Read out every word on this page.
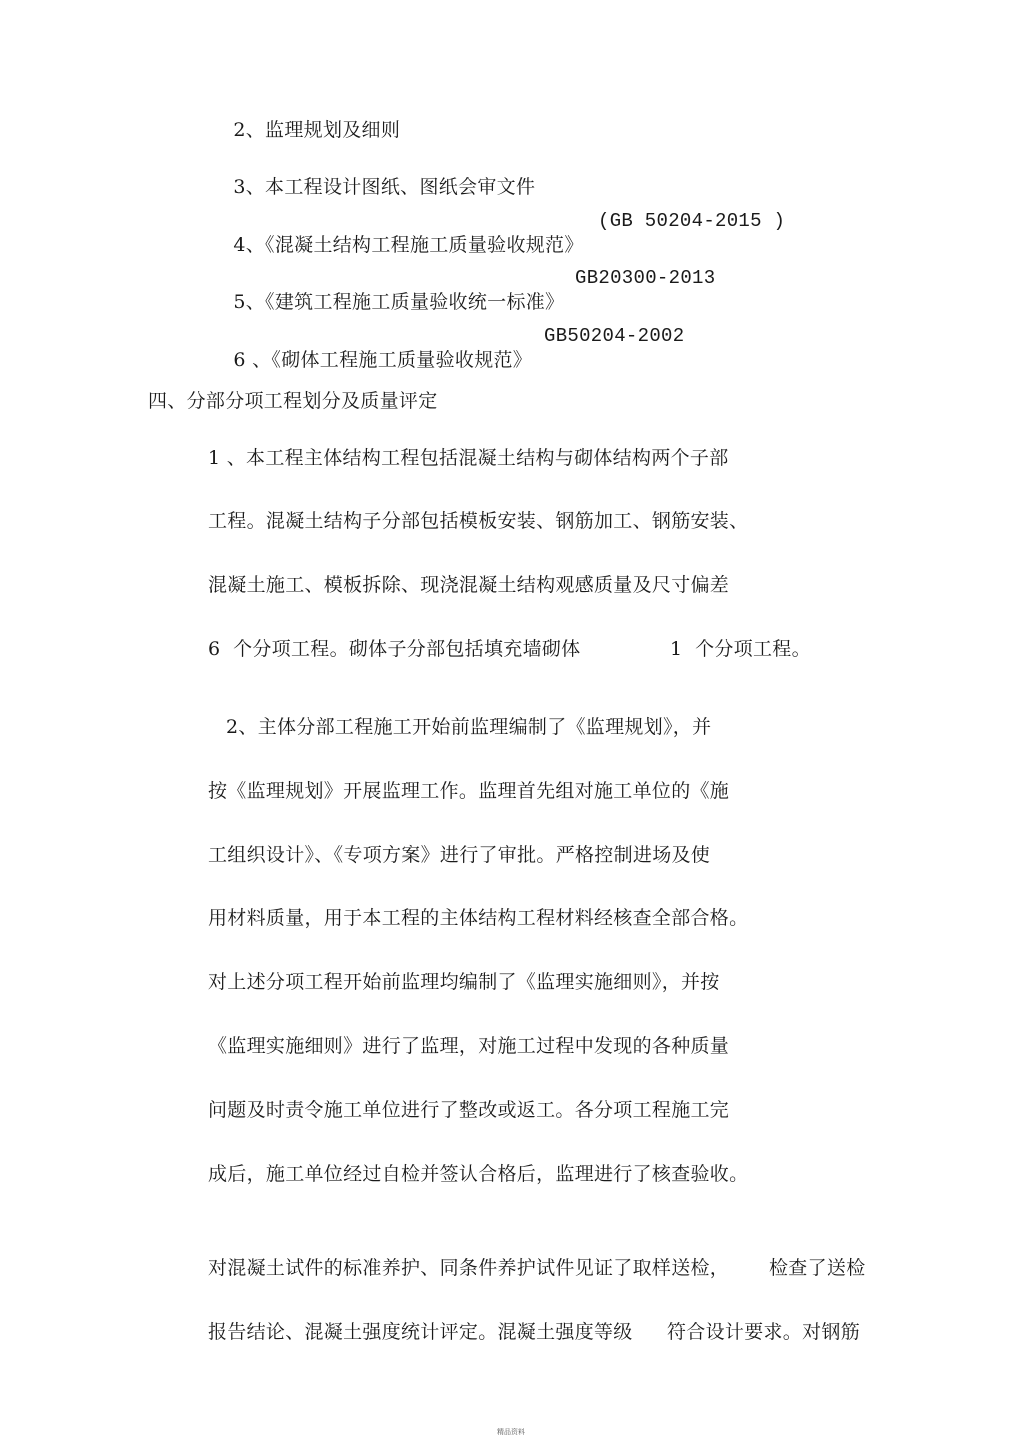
2、监理规划及细则

3、本工程设计图纸、图纸会审文件

4、《混凝土结构工程施工质量验收规范》

(GB 50204-2015 )

5、《建筑工程施工质量验收统一标准》

GB20300-2013

6 、《砌体工程施工质量验收规范》

GB50204-2002
四、分部分项工程划分及质量评定
1 、本工程主体结构工程包括混凝土结构与砌体结构两个子部
工程。混凝土结构子分部包括模板安装、钢筋加工、钢筋安装、
混凝土施工、模板拆除、现浇混凝土结构观感质量及尺寸偏差
6  个分项工程。砌体子分部包括填充墙砌体	1  个分项工程。
2、主体分部工程施工开始前监理编制了《监理规划》，并
按《监理规划》开展监理工作。监理首先组对施工单位的《施
工组织设计》、《专项方案》进行了审批。严格控制进场及使
用材料质量，用于本工程的主体结构工程材料经核查全部合格。
对上述分项工程开始前监理均编制了《监理实施细则》，并按
《监理实施细则》进行了监理，对施工过程中发现的各种质量
问题及时责令施工单位进行了整改或返工。各分项工程施工完
成后，施工单位经过自检并签认合格后，监理进行了核查验收。
对混凝土试件的标准养护、同条件养护试件见证了取样送检， 检查了送检
报告结论、混凝土强度统计评定。混凝土强度等级 符合设计要求。对钢筋
精品资料
